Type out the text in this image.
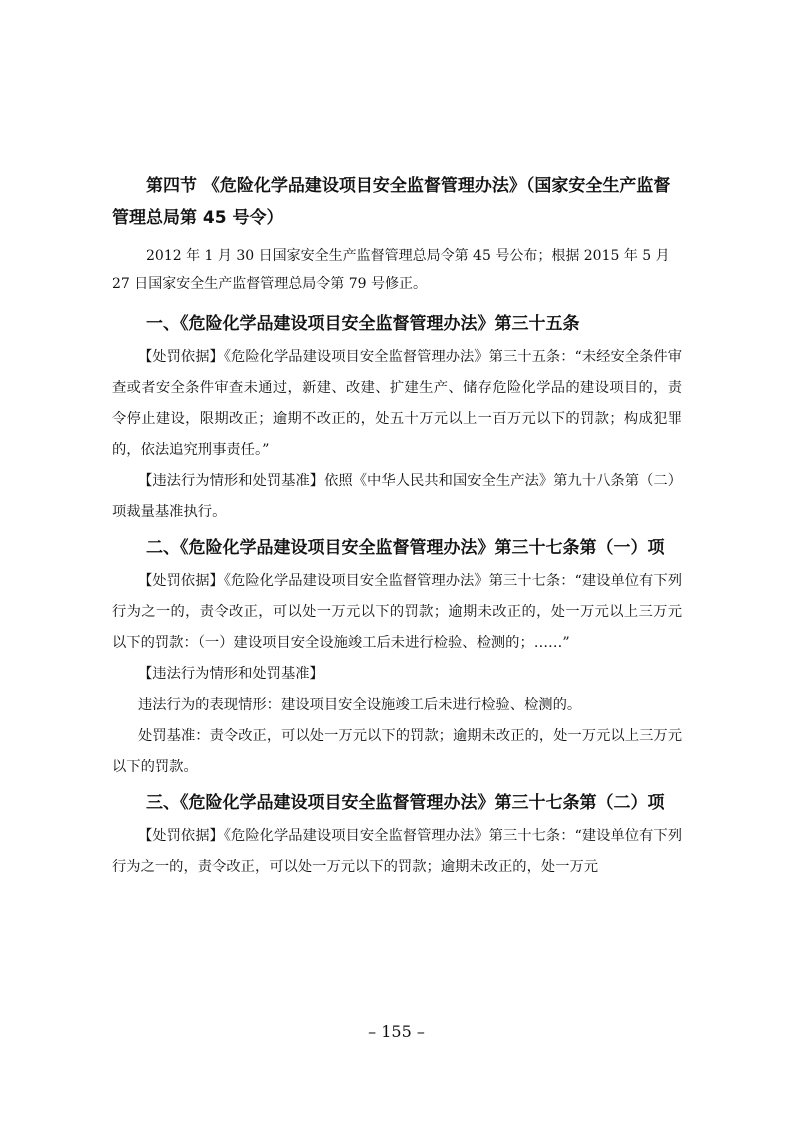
第四节 《危险化学品建设项目安全监督管理办法》（国家安全生产监督管理总局第 45 号令）
2012 年 1 月 30 日国家安全生产监督管理总局令第 45 号公布；根据 2015 年 5 月 27 日国家安全生产监督管理总局令第 79 号修正。
一、《危险化学品建设项目安全监督管理办法》第三十五条

【处罚依据】《危险化学品建设项目安全监督管理办法》第三十五条：“未经安全条件审查或者安全条件审查未通过，新建、改建、扩建生产、储存危险化学品的建设项目的，责令停止建设，限期改正；逾期不改正的，处五十万元以上一百万元以下的罚款；构成犯罪的，依法追究刑事责任。”

【违法行为情形和处罚基准】依照《中华人民共和国安全生产法》第九十八条第（二）项裁量基准执行。

二、《危险化学品建设项目安全监督管理办法》第三十七条第（一）项

【处罚依据】《危险化学品建设项目安全监督管理办法》第三十七条：“建设单位有下列行为之一的，责令改正，可以处一万元以下的罚款；逾期未改正的，处一万元以上三万元以下的罚款：（一）建设项目安全设施竣工后未进行检验、检测的；……”

【违法行为情形和处罚基准】

违法行为的表现情形：建设项目安全设施竣工后未进行检验、检测的。

处罚基准：责令改正，可以处一万元以下的罚款；逾期未改正的，处一万元以上三万元以下的罚款。

三、《危险化学品建设项目安全监督管理办法》第三十七条第（二）项

【处罚依据】《危险化学品建设项目安全监督管理办法》第三十七条：“建设单位有下列行为之一的，责令改正，可以处一万元以下的罚款；逾期未改正的，处一万元

– 155 –
